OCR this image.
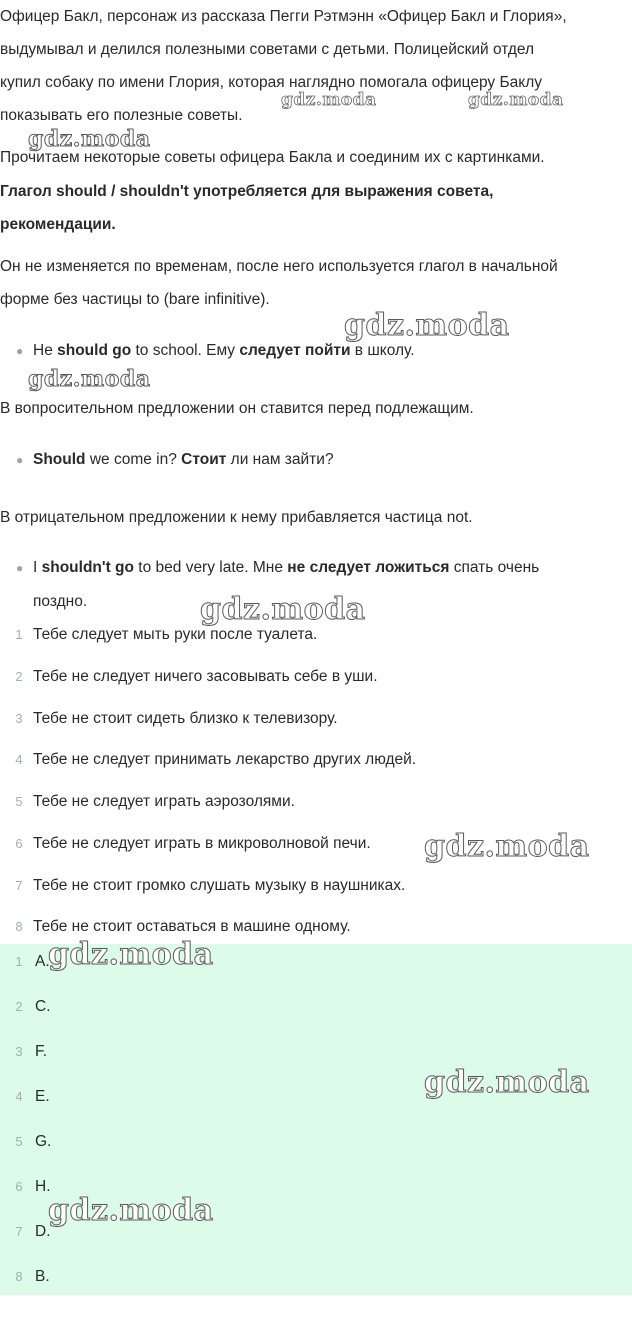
Офицер Бакл, персонаж из рассказа Пегги Рэтмэнн «Офицер Бакл и Глория»,

выдумывал и делился полезными советами с детьми. Полицейский отдел

купил собаку по имени Глория, которая наглядно помогала офицеру Баклу

показывать его полезные советы.

Прочитаем некоторые советы офицера Бакла и соединим их с картинками.

Глагол should / shouldn't употребляется для выражения совета,

рекомендации.

Он не изменяется по временам, после него используется глагол в начальной

форме без частицы to (bare infinitive).

● He should go to school. Ему следует пойти в школу.

В вопросительном предложении он ставится перед подлежащим.

● Should we come in? Стоит ли нам зайти?

В отрицательном предложении к нему прибавляется частица not.

● I shouldn't go to bed very late. Мне не следует ложиться спать очень
поздно.
1 Тебе следует мыть руки после туалета.
2 Тебе не следует ничего засовывать себе в уши.
3 Тебе не стоит сидеть близко к телевизору.
4 Тебе не следует принимать лекарство других людей.
5 Тебе не следует играть аэрозолями.
6 Тебе не следует играть в микроволновой печи.
7 Тебе не стоит громко слушать музыку в наушниках.
8 Тебе не стоит оставаться в машине одному.
1 A.
2 C.
3 F.
4 E.
5 G.
6 H.
7 D.
8 B.
gdz.moda	gdz.moda
gdz.moda
gdz.moda
gdz.moda
gdz.moda
gdz.moda
gdz.moda
gdz.moda
gdz.moda
